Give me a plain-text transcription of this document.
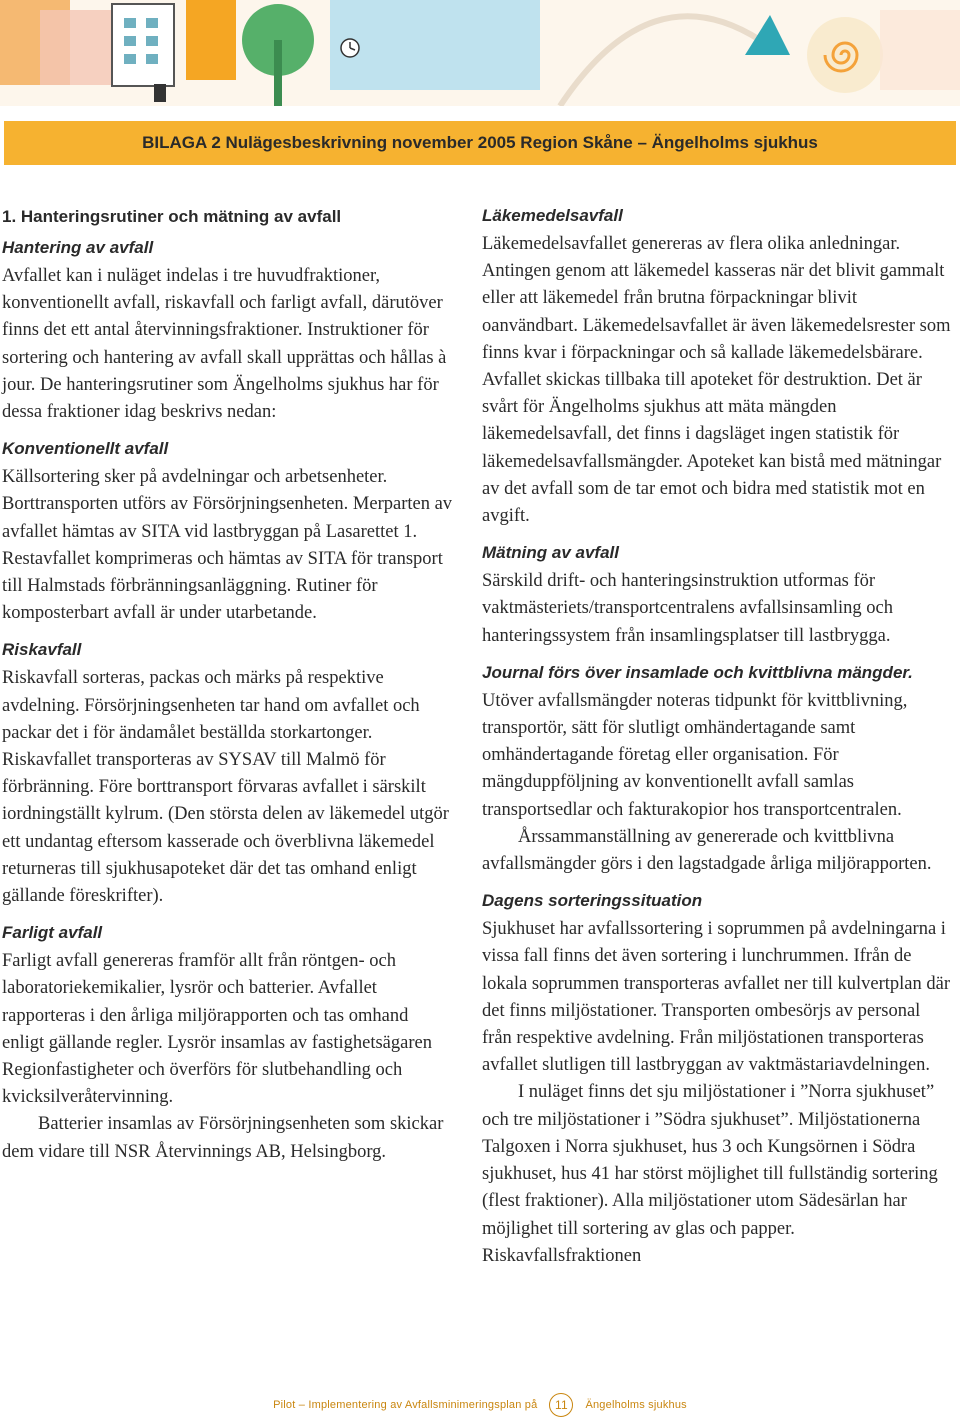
BILAGA 2 Nulägesbeskrivning november 2005 Region Skåne – Ängelholms sjukhus
1. Hanteringsrutiner och mätning av avfall
Hantering av avfall

Avfallet kan i nuläget indelas i tre huvudfraktioner, konventionellt avfall, riskavfall och farligt avfall, därutöver finns det ett antal återvinningsfraktioner. Instruktioner för sortering och hantering av avfall skall upprättas och hållas à jour. De hanteringsrutiner som Ängelholms sjukhus har för dessa fraktioner idag beskrivs nedan:

Konventionellt avfall

Källsortering sker på avdelningar och arbetsenheter. Borttransporten utförs av Försörjningsenheten. Merparten av avfallet hämtas av SITA vid lastbryggan på Lasarettet 1. Restavfallet komprimeras och hämtas av SITA för transport till Halmstads förbränningsanläggning. Rutiner för komposterbart avfall är under utarbetande.

Riskavfall

Riskavfall sorteras, packas och märks på respektive avdelning. Försörjningsenheten tar hand om avfallet och packar det i för ändamålet beställda storkartonger. Riskavfallet transporteras av SYSAV till Malmö för förbränning. Före borttransport förvaras avfallet i särskilt iordningställt kylrum. (Den största delen av läkemedel utgör ett undantag eftersom kasserade och överblivna läkemedel returneras till sjukhusapoteket där det tas omhand enligt gällande föreskrifter).

Farligt avfall

Farligt avfall genereras framför allt från röntgen- och laboratoriekemikalier, lysrör och batterier. Avfallet rapporteras i den årliga miljörapporten och tas omhand enligt gällande regler. Lysrör insamlas av fastighetsägaren Regionfastigheter och överförs för slutbehandling och kvicksilveråtervinning.

Batterier insamlas av Försörjningsenheten som skickar dem vidare till NSR Återvinnings AB, Helsingborg.

Läkemedelsavfall

Läkemedelsavfallet genereras av flera olika anledningar. Antingen genom att läkemedel kasseras när det blivit gammalt eller att läkemedel från brutna förpackningar blivit oanvändbart. Läkemedelsavfallet är även läkemedelsrester som finns kvar i förpackningar och så kallade läkemedelsbärare. Avfallet skickas tillbaka till apoteket för destruktion. Det är svårt för Ängelholms sjukhus att mäta mängden läkemedelsavfall, det finns i dagsläget ingen statistik för läkemedelsavfallsmängder. Apoteket kan bistå med mätningar av det avfall som de tar emot och bidra med statistik mot en avgift.

Mätning av avfall

Särskild drift- och hanteringsinstruktion utformas för vaktmästeriets/transportcentralens avfallsinsamling och hanteringssystem från insamlingsplatser till lastbrygga.

Journal förs över insamlade och kvittblivna mängder.

Utöver avfallsmängder noteras tidpunkt för kvittblivning, transportör, sätt för slutligt omhändertagande samt omhändertagande företag eller organisation. För mängduppföljning av konventionellt avfall samlas transportsedlar och fakturakopior hos transportcentralen.

Årssammanställning av genererade och kvittblivna avfallsmängder görs i den lagstadgade årliga miljörapporten.

Dagens sorteringssituation

Sjukhuset har avfallssortering i soprummen på avdelningarna i vissa fall finns det även sortering i lunchrummen. Ifrån de lokala soprummen transporteras avfallet ner till kulvertplan där det finns miljöstationer. Transporten ombesörjs av personal från respektive avdelning. Från miljöstationen transporteras avfallet slutligen till lastbryggan av vaktmästariavdelningen.

I nuläget finns det sju miljöstationer i ”Norra sjukhuset” och tre miljöstationer i ”Södra sjukhuset”. Miljöstationerna Talgoxen i Norra sjukhuset, hus 3 och Kungsörnen i Södra sjukhuset, hus 41 har störst möjlighet till fullständig sortering (flest fraktioner). Alla miljöstationer utom Sädesärlan har möjlighet till sortering av glas och papper. Riskavfallsfraktionen

Pilot – Implementering av Avfallsminimeringsplan på	11	Ängelholms sjukhus
